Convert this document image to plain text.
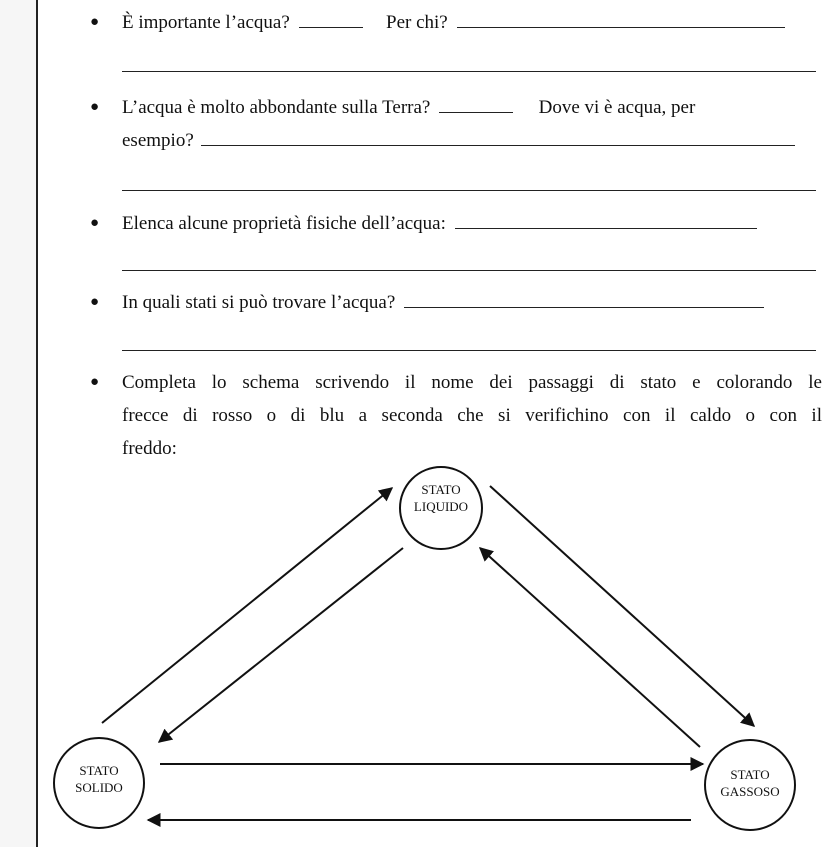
● È importante l’acqua?	Per chi?
● L’acqua è molto abbondante sulla Terra?	Dove vi è acqua, per
esempio?
● Elenca alcune proprietà fisiche dell’acqua:
● In quali stati si può trovare l’acqua?
● Completa lo schema scrivendo il nome dei passaggi di stato e colorando le
frecce di rosso o di blu a seconda che si verifichino con il caldo o con il
freddo:
STATO
LIQUIDO
STATO
SOLIDO
STATO
GASSOSO
